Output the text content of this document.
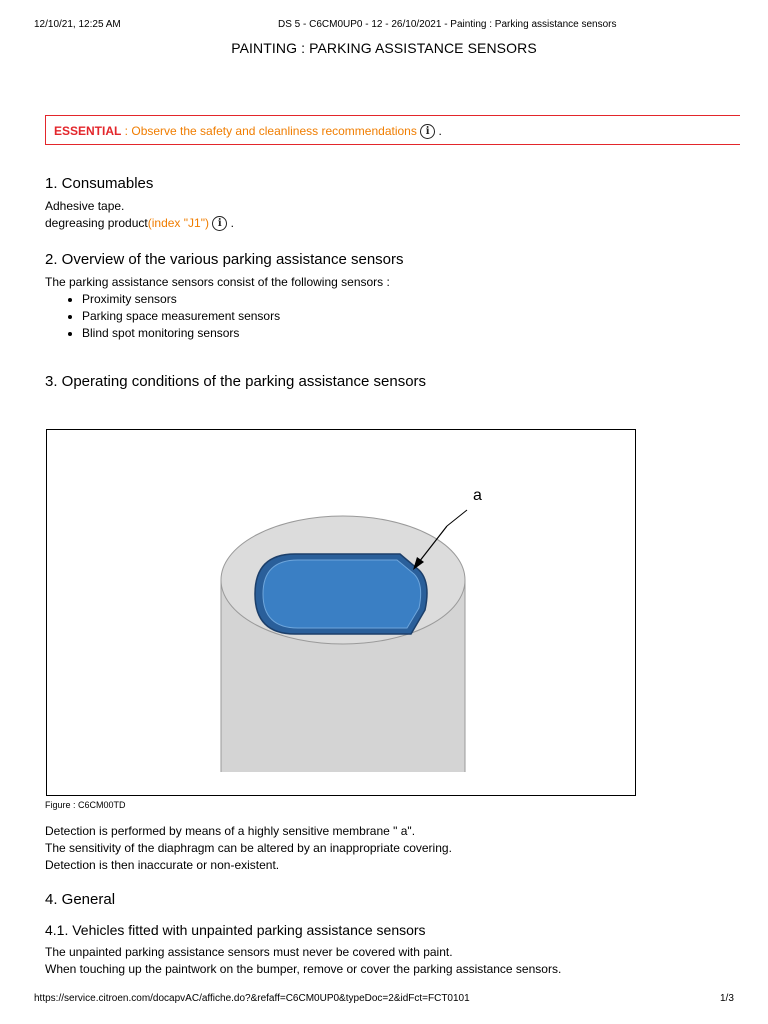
12/10/21, 12:25 AM	DS 5 - C6CM0UP0 - 12 - 26/10/2021 - Painting : Parking assistance sensors
PAINTING : PARKING ASSISTANCE SENSORS
ESSENTIAL : Observe the safety and cleanliness recommendations i .
1. Consumables
Adhesive tape.
degreasing product(index "J1") i .
2. Overview of the various parking assistance sensors
The parking assistance sensors consist of the following sensors :
• Proximity sensors
• Parking space measurement sensors
• Blind spot monitoring sensors
3. Operating conditions of the parking assistance sensors
a
Figure : C6CM00TD
Detection is performed by means of a highly sensitive membrane " a".
The sensitivity of the diaphragm can be altered by an inappropriate covering.
Detection is then inaccurate or non-existent.
4. General
4.1. Vehicles fitted with unpainted parking assistance sensors
The unpainted parking assistance sensors must never be covered with paint.
When touching up the paintwork on the bumper, remove or cover the parking assistance sensors.
https://service.citroen.com/docapvAC/affiche.do?&refaff=C6CM0UP0&typeDoc=2&idFct=FCT0101	1/3
